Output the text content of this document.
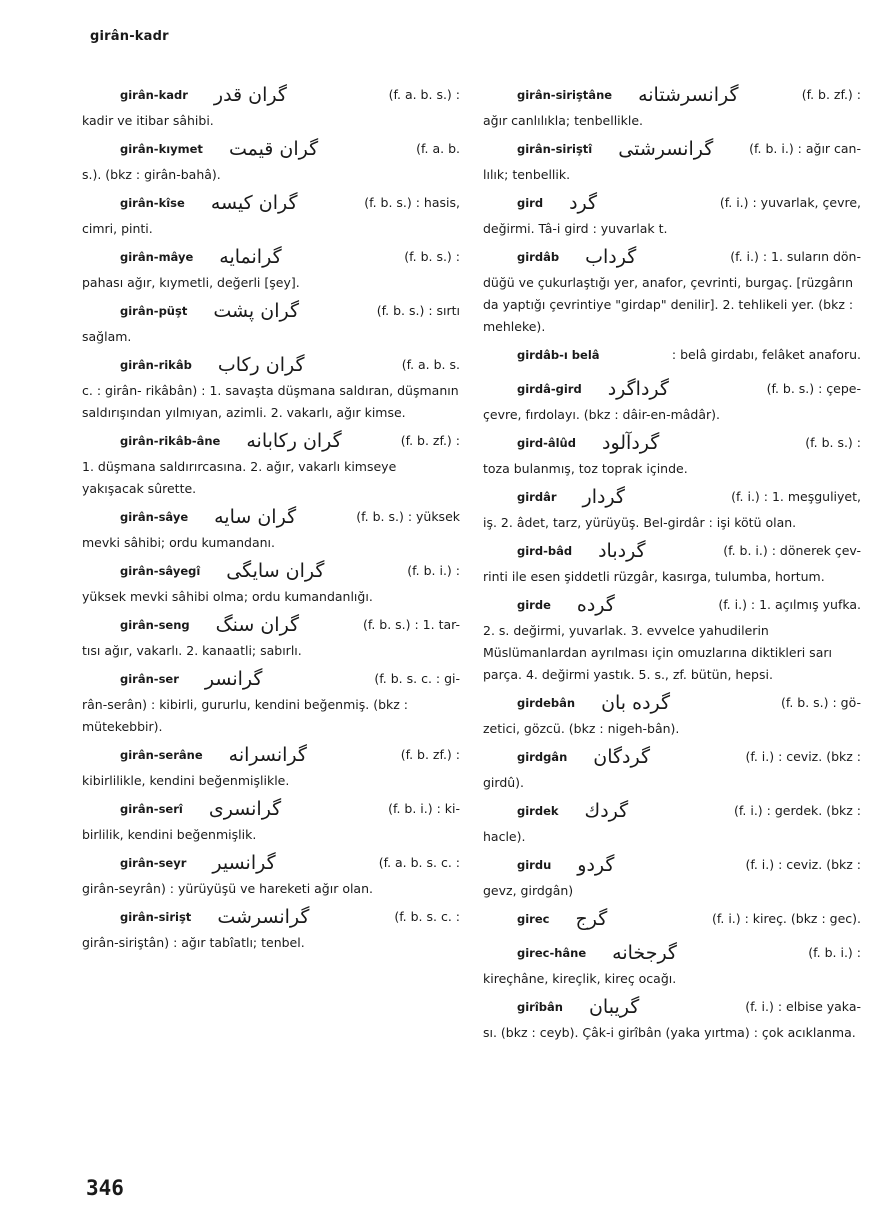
girân-kadr
girân-kadr گران قدر	(f. a. b. s.) :
kadir ve itibar sâhibi.
girân-kıymet گران قیمت	(f. a. b.
s.). (bkz : girân-bahâ).
girân-kîse گران کیسه	(f. b. s.) : hasis,
cimri, pinti.
girân-mâye گرانمایه	(f. b. s.) :
pahası ağır, kıymetli, değerli [şey].
girân-püşt گران پشت	(f. b. s.) : sırtı
sağlam.
girân-rikâb گران رکاب	(f. a. b. s.
c. : girân- rikâbân) : 1. savaşta düşmana saldıran, düşmanın saldırışından yılmıyan, azimli. 2. vakarlı, ağır kimse.
girân-rikâb-âne گران رکابانه	(f. b. zf.) :
1. düşmana saldırırcasına. 2. ağır, vakarlı kimseye yakışacak sûrette.
girân-sâye گران سایه	(f. b. s.) : yüksek
mevki sâhibi; ordu kumandanı.
girân-sâyegî گران سایگی	(f. b. i.) :
yüksek mevki sâhibi olma; ordu kumandanlığı.
girân-seng گران سنگ	(f. b. s.) : 1. tar-
tısı ağır, vakarlı. 2. kanaatli; sabırlı.
girân-ser گرانسر	(f. b. s. c. : gi-
rân-serân) : kibirli, gururlu, kendini beğenmiş. (bkz : mütekebbir).
girân-serâne گرانسرانه	(f. b. zf.) :
kibirlilikle, kendini beğenmişlikle.
girân-serî گرانسری	(f. b. i.) : ki-
birlilik, kendini beğenmişlik.
girân-seyr گرانسیر	(f. a. b. s. c. :
girân-seyrân) : yürüyüşü ve hareketi ağır olan.
girân-sirişt گرانسرشت	(f. b. s. c. :
girân-siriştân) : ağır tabîatlı; tenbel.
girân-siriştâne گرانسرشتانه	(f. b. zf.) :
ağır canlılıkla; tenbellikle.
girân-siriştî گرانسرشتی	(f. b. i.) : ağır can-
lılık; tenbellik.
gird گرد	(f. i.) : yuvarlak, çevre,
değirmi. Tâ-i gird : yuvarlak t.
girdâb گرداب	(f. i.) : 1. suların dön-
düğü ve çukurlaştığı yer, anafor, çevrinti, burgaç. [rüzgârın da yaptığı çevrintiye "girdap" denilir]. 2. tehlikeli yer. (bkz : mehleke).
girdâb-ı belâ	: belâ girdabı, felâket anaforu.
girdâ-gird گرداگرد	(f. b. s.) : çepe-
çevre, fırdolayı. (bkz : dâir-en-mâdâr).
gird-âlûd گردآلود	(f. b. s.) :
toza bulanmış, toz toprak içinde.
girdâr گردار	(f. i.) : 1. meşguliyet,
iş. 2. âdet, tarz, yürüyüş. Bel-girdâr : işi kötü olan.
gird-bâd گردباد	(f. b. i.) : dönerek çev-
rinti ile esen şiddetli rüzgâr, kasırga, tulumba, hortum.
girde گرده	(f. i.) : 1. açılmış yufka.
2. s. değirmi, yuvarlak. 3. evvelce yahudilerin Müslümanlardan ayrılması için omuzlarına diktikleri sarı parça. 4. değirmi yastık. 5. s., zf. bütün, hepsi.
girdebân گرده بان	(f. b. s.) : gö-
zetici, gözcü. (bkz : nigeh-bân).
girdgân گردگان	(f. i.) : ceviz. (bkz :
girdû).
girdek گردك	(f. i.) : gerdek. (bkz :
hacle).
girdu گردو	(f. i.) : ceviz. (bkz :
gevz, girdgân)
girec گرج	(f. i.) : kireç. (bkz : gec).
girec-hâne گرجخانه	(f. b. i.) :
kireçhâne, kireçlik, kireç ocağı.
girîbân گریبان	(f. i.) : elbise yaka-
sı. (bkz : ceyb). Çâk-i girîbân (yaka yırtma) : çok acıklanma.
346
